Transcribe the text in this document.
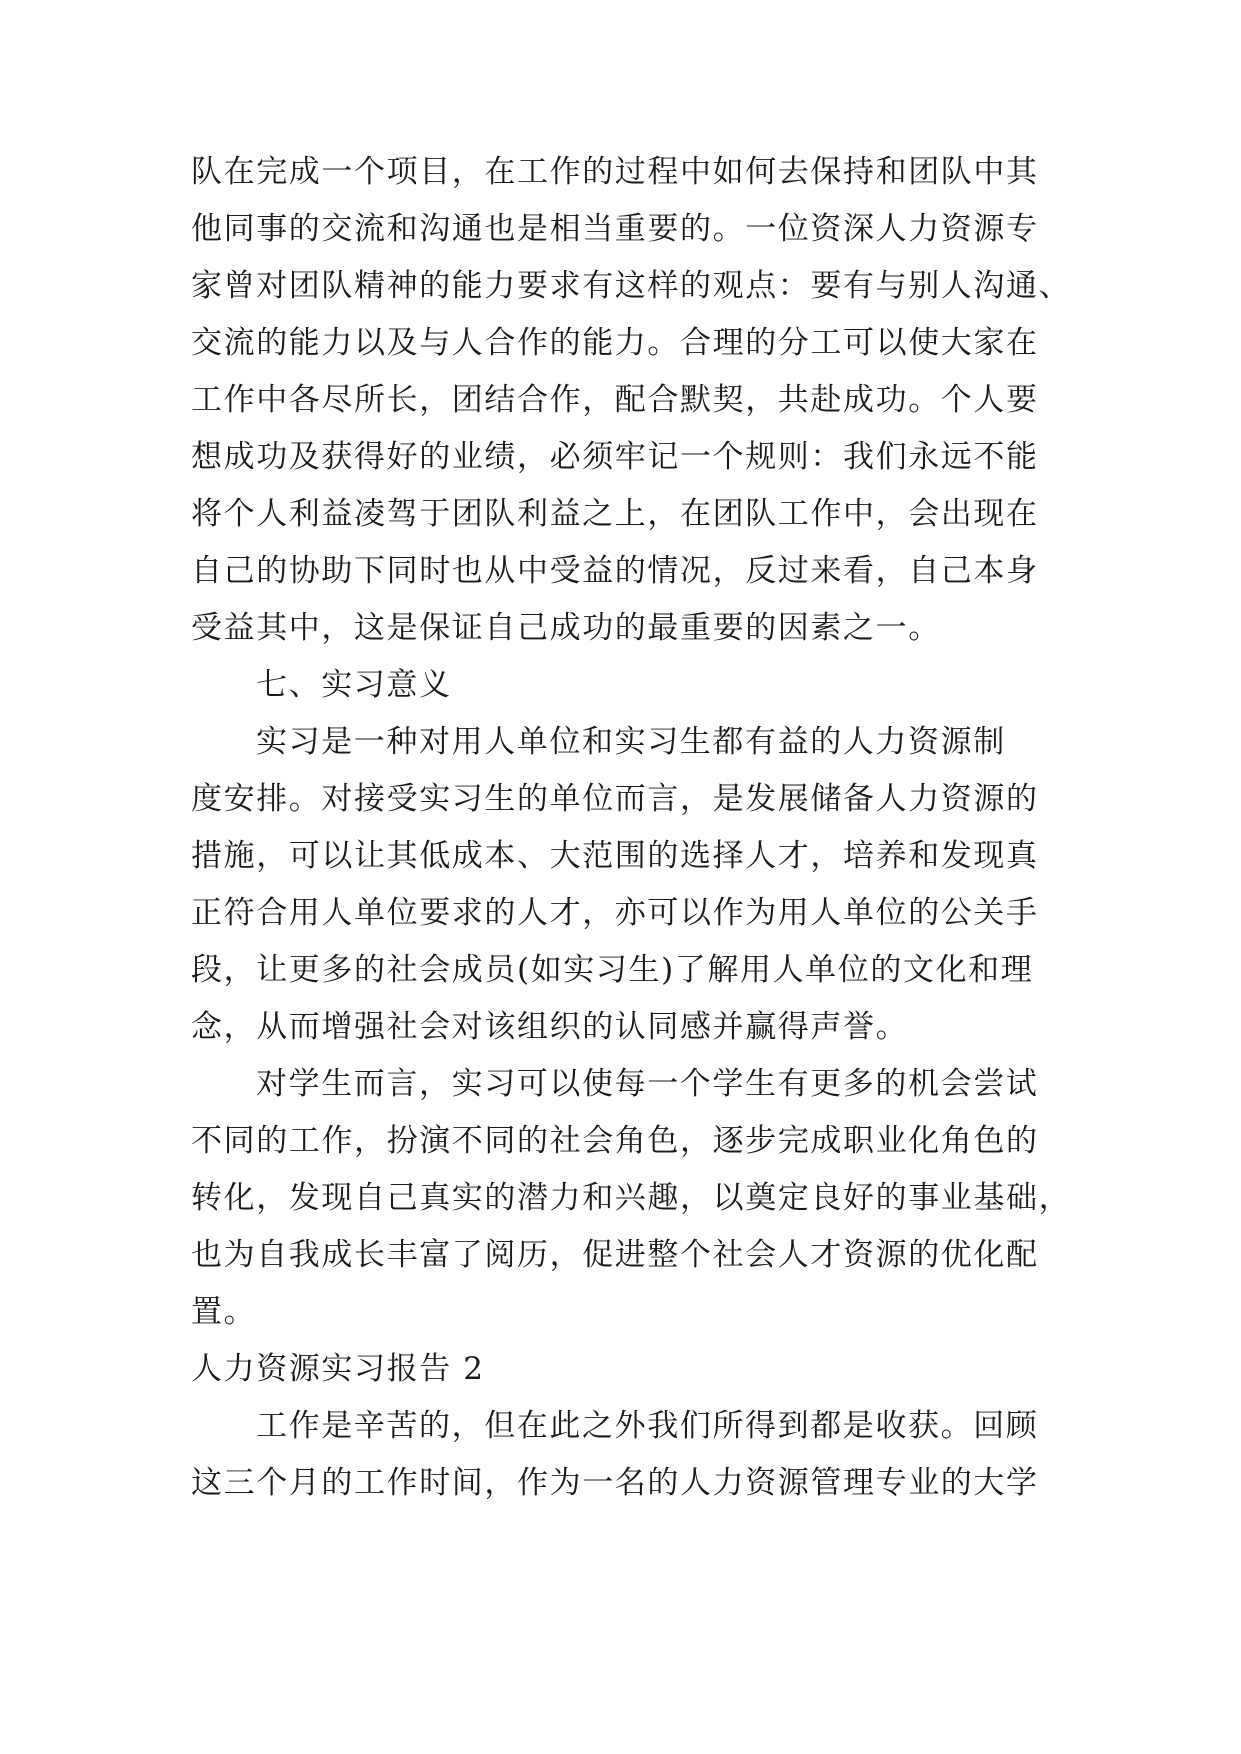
队在完成一个项目，在工作的过程中如何去保持和团队中其
他同事的交流和沟通也是相当重要的。一位资深人力资源专
家曾对团队精神的能力要求有这样的观点：要有与别人沟通、
交流的能力以及与人合作的能力。合理的分工可以使大家在
工作中各尽所长，团结合作，配合默契，共赴成功。个人要
想成功及获得好的业绩，必须牢记一个规则：我们永远不能
将个人利益凌驾于团队利益之上，在团队工作中，会出现在
自己的协助下同时也从中受益的情况，反过来看，自己本身
受益其中，这是保证自己成功的最重要的因素之一。
七、实习意义
实习是一种对用人单位和实习生都有益的人力资源制
度安排。对接受实习生的单位而言，是发展储备人力资源的
措施，可以让其低成本、大范围的选择人才，培养和发现真
正符合用人单位要求的人才，亦可以作为用人单位的公关手
段，让更多的社会成员(如实习生)了解用人单位的文化和理
念，从而增强社会对该组织的认同感并赢得声誉。
对学生而言，实习可以使每一个学生有更多的机会尝试
不同的工作，扮演不同的社会角色，逐步完成职业化角色的
转化，发现自己真实的潜力和兴趣，以奠定良好的事业基础，
也为自我成长丰富了阅历，促进整个社会人才资源的优化配
置。
人力资源实习报告 2
工作是辛苦的，但在此之外我们所得到都是收获。回顾
这三个月的工作时间，作为一名的人力资源管理专业的大学
